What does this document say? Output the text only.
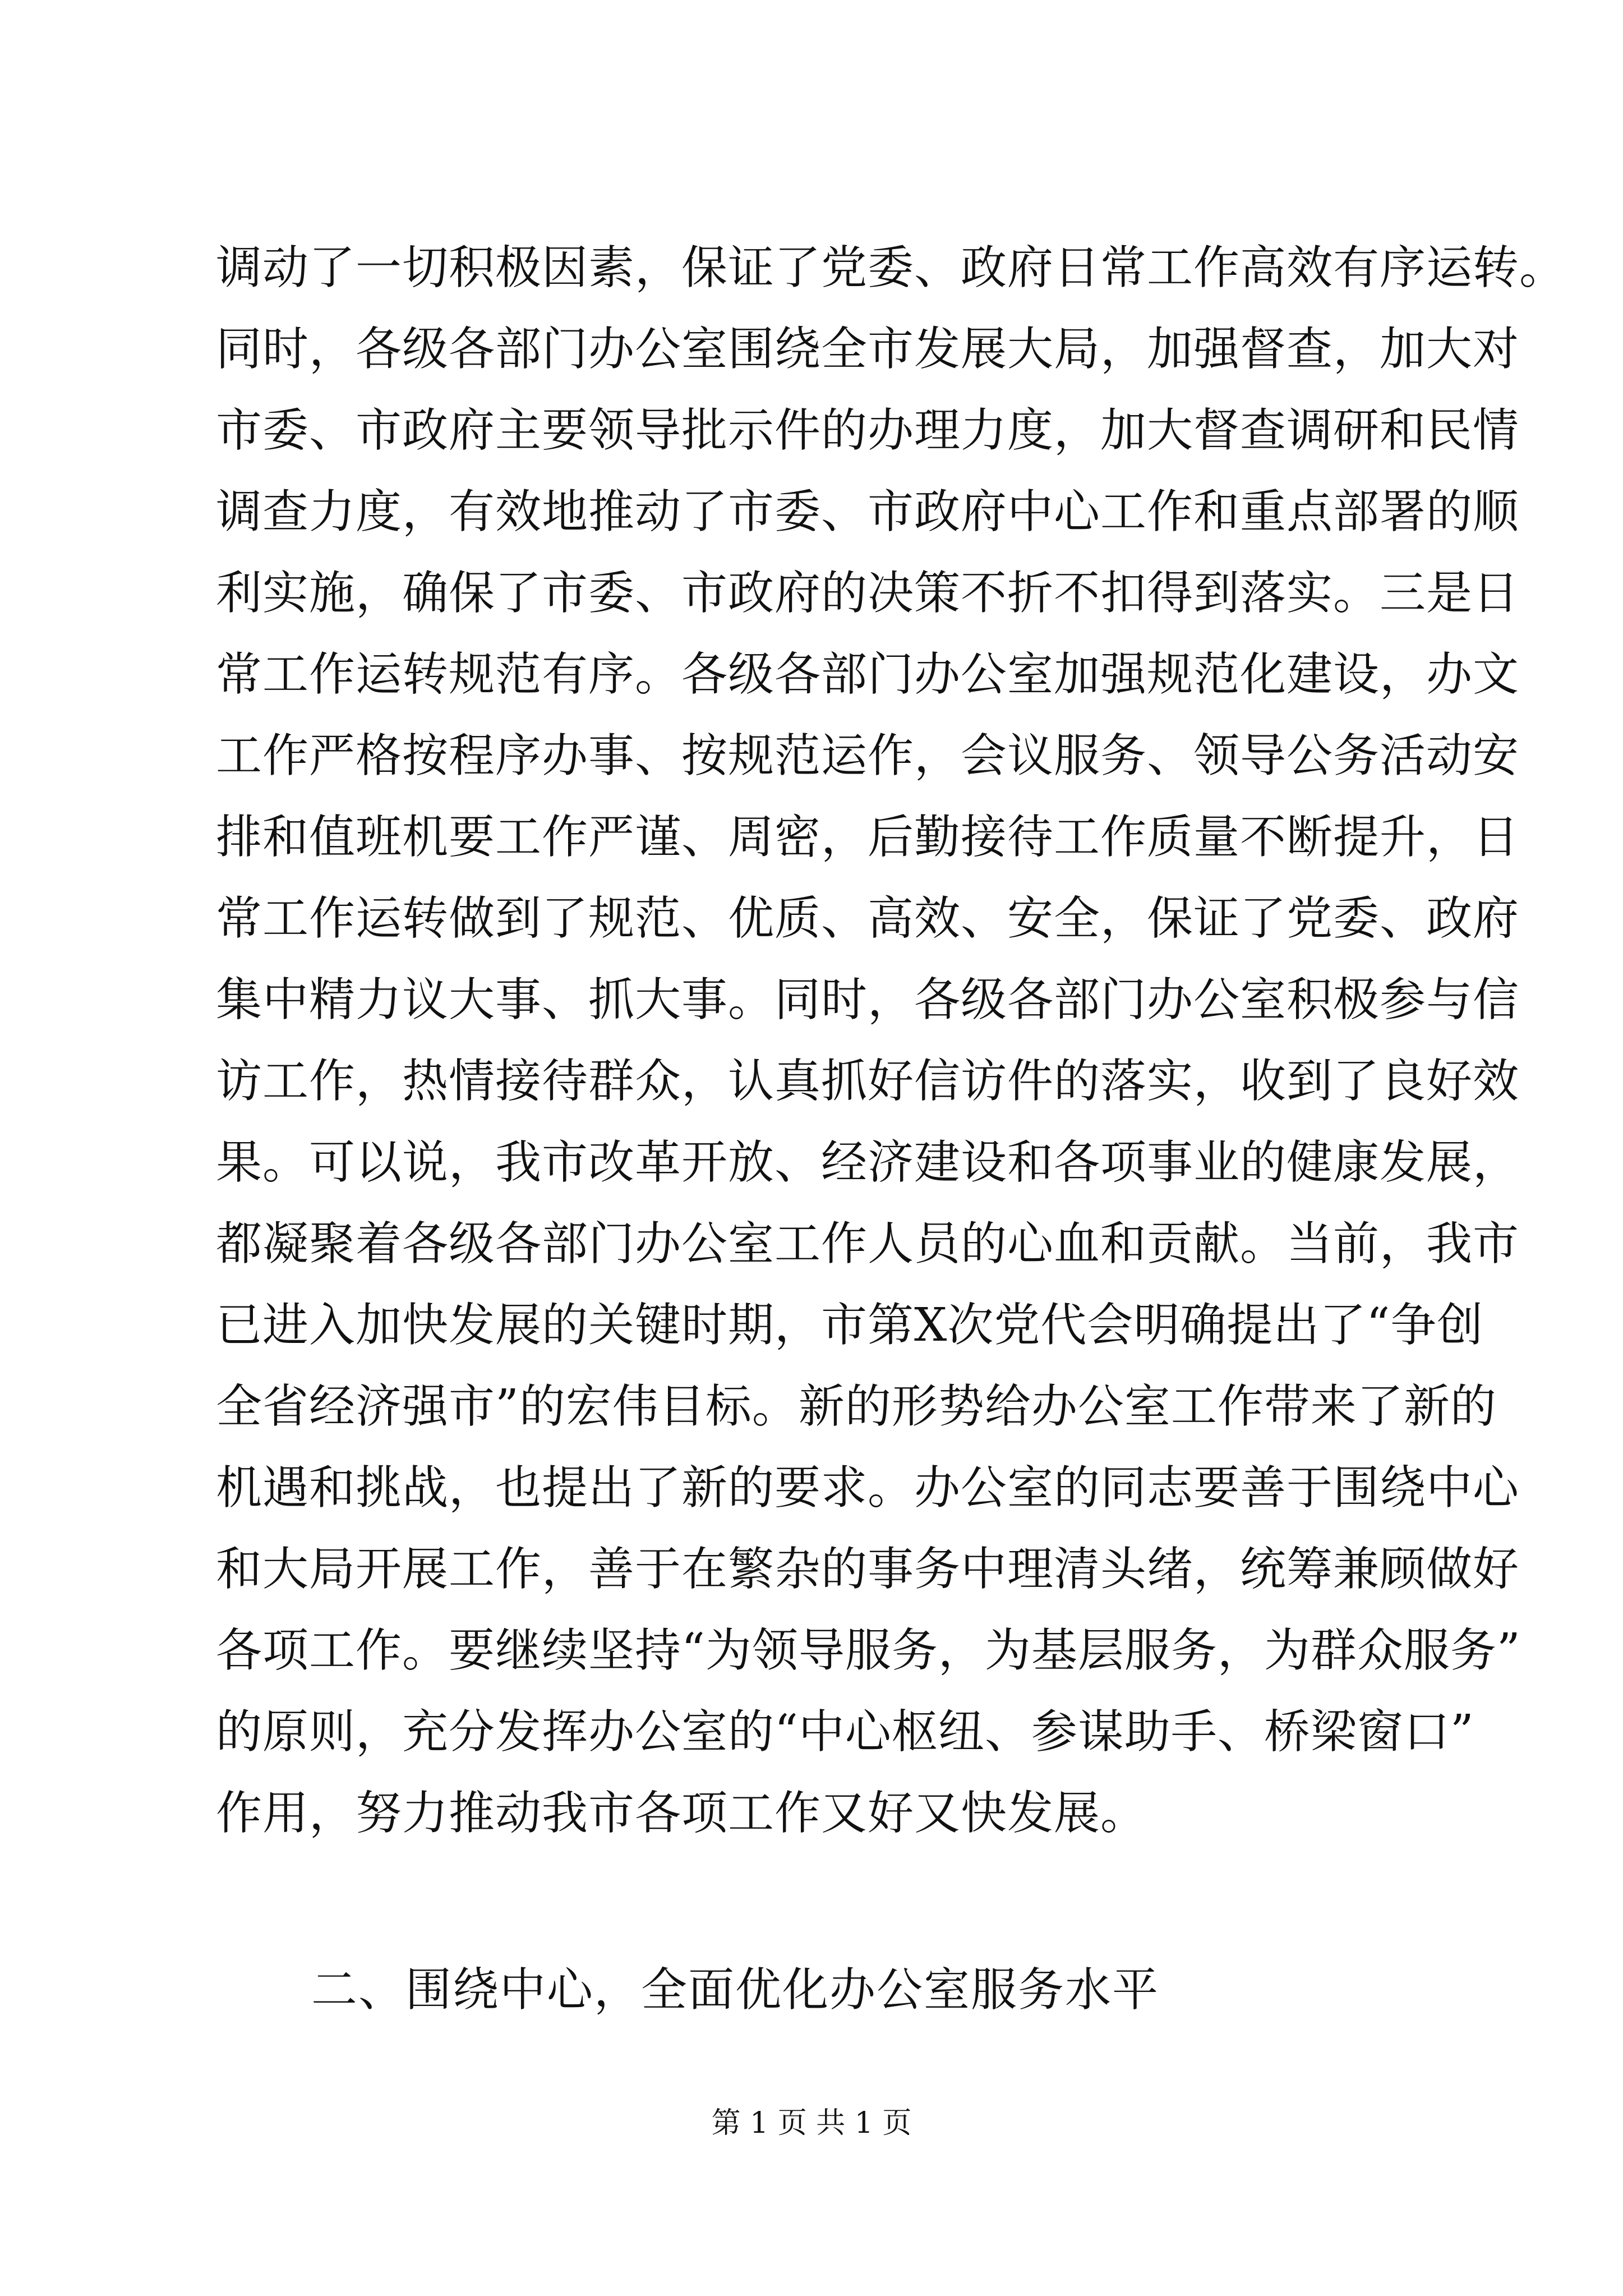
调动了一切积极因素，保证了党委、政府日常工作高效有序运转。
同时，各级各部门办公室围绕全市发展大局，加强督查，加大对
市委、市政府主要领导批示件的办理力度，加大督查调研和民情
调查力度，有效地推动了市委、市政府中心工作和重点部署的顺
利实施，确保了市委、市政府的决策不折不扣得到落实。三是日
常工作运转规范有序。各级各部门办公室加强规范化建设，办文
工作严格按程序办事、按规范运作，会议服务、领导公务活动安
排和值班机要工作严谨、周密，后勤接待工作质量不断提升，日
常工作运转做到了规范、优质、高效、安全，保证了党委、政府
集中精力议大事、抓大事。同时，各级各部门办公室积极参与信
访工作，热情接待群众，认真抓好信访件的落实，收到了良好效
果。可以说，我市改革开放、经济建设和各项事业的健康发展，
都凝聚着各级各部门办公室工作人员的心血和贡献。当前，我市
已进入加快发展的关键时期，市第X次党代会明确提出了“争创
全省经济强市”的宏伟目标。新的形势给办公室工作带来了新的
机遇和挑战，也提出了新的要求。办公室的同志要善于围绕中心
和大局开展工作，善于在繁杂的事务中理清头绪，统筹兼顾做好
各项工作。要继续坚持“为领导服务，为基层服务，为群众服务”
的原则，充分发挥办公室的“中心枢纽、参谋助手、桥梁窗口”
作用，努力推动我市各项工作又好又快发展。
二、围绕中心，全面优化办公室服务水平
第 1 页 共 1 页
